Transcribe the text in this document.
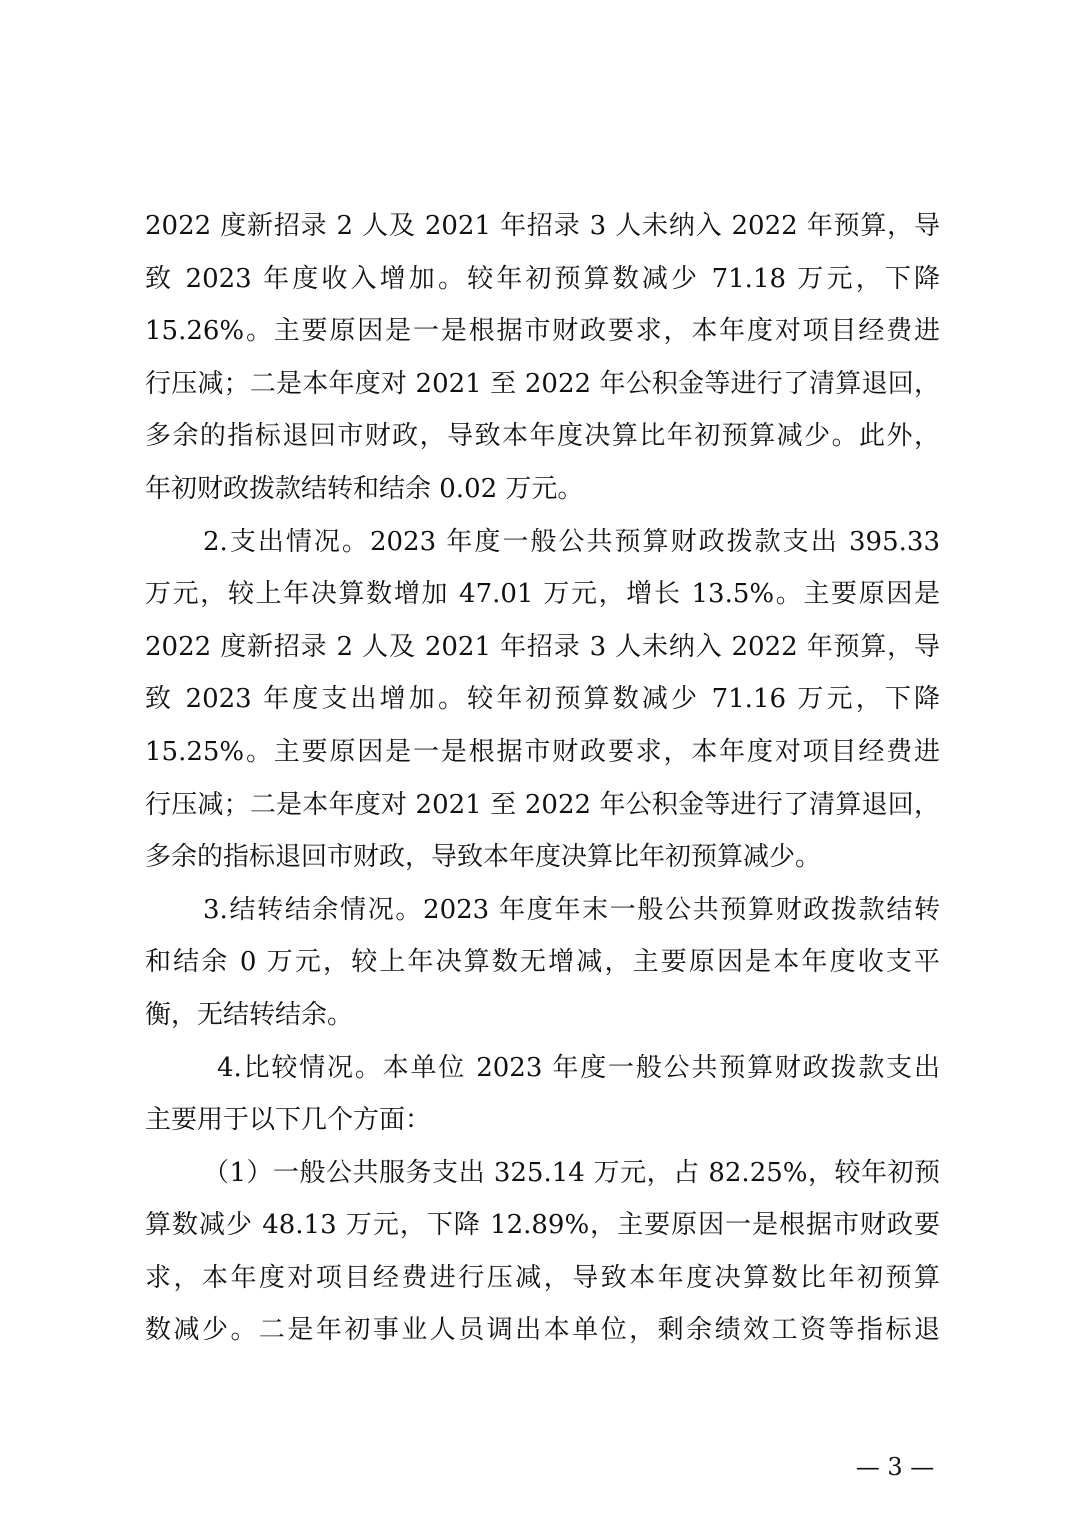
2022 度新招录 2 人及 2021 年招录 3 人未纳入 2022 年预算，导
致 2023 年度收入增加。较年初预算数减少 71.18 万元，下降
15.26%。主要原因是一是根据市财政要求，本年度对项目经费进
行压减；二是本年度对 2021 至 2022 年公积金等进行了清算退回，
多余的指标退回市财政，导致本年度决算比年初预算减少。此外，
年初财政拨款结转和结余 0.02 万元。
2.支出情况。2023 年度一般公共预算财政拨款支出 395.33
万元，较上年决算数增加 47.01 万元，增长 13.5%。主要原因是
2022 度新招录 2 人及 2021 年招录 3 人未纳入 2022 年预算，导
致 2023 年度支出增加。较年初预算数减少 71.16 万元，下降
15.25%。主要原因是一是根据市财政要求，本年度对项目经费进
行压减；二是本年度对 2021 至 2022 年公积金等进行了清算退回，
多余的指标退回市财政，导致本年度决算比年初预算减少。
3.结转结余情况。2023 年度年末一般公共预算财政拨款结转
和结余 0 万元，较上年决算数无增减，主要原因是本年度收支平
衡，无结转结余。
4.比较情况。本单位 2023 年度一般公共预算财政拨款支出
主要用于以下几个方面：
（1）一般公共服务支出 325.14 万元，占 82.25%，较年初预
算数减少 48.13 万元，下降 12.89%，主要原因一是根据市财政要
求，本年度对项目经费进行压减，导致本年度决算数比年初预算
数减少。二是年初事业人员调出本单位，剩余绩效工资等指标退
— 3 —
